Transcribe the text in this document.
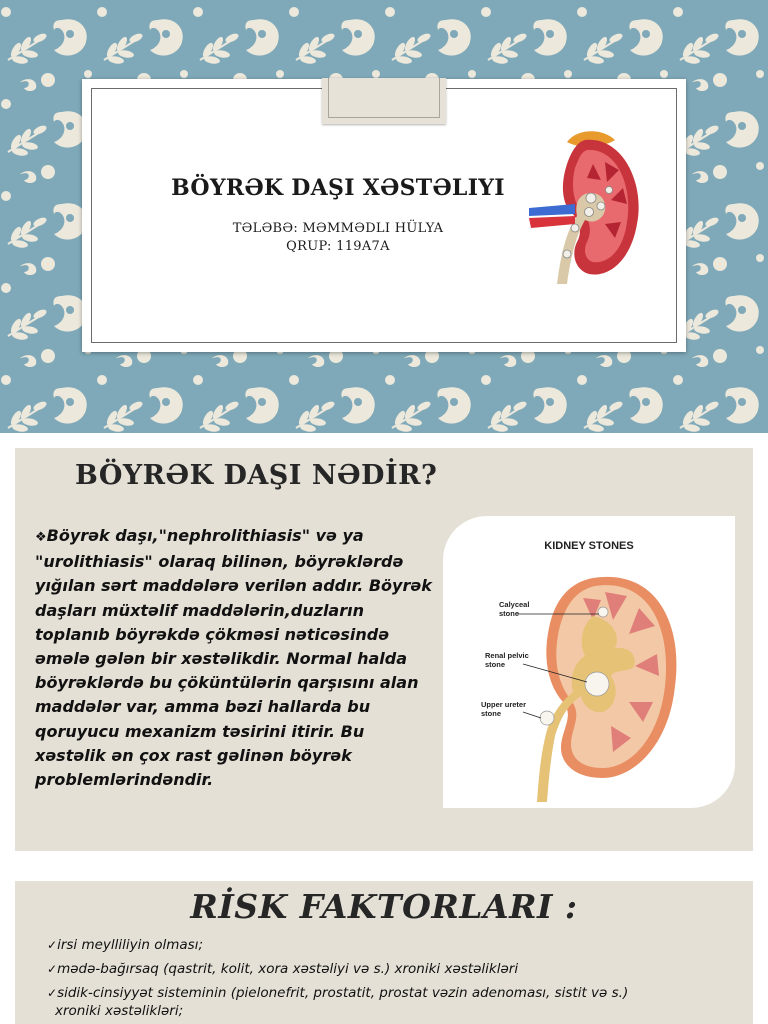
BÖYRƏK DAŞI XƏSTƏLIYI
TƏLƏBƏ: MƏMMƏDLI HÜLYA
QRUP: 119A7A
BÖYRƏK DAŞI NƏDİR?
❖Böyrək daşı,"nephrolithiasis" və ya "urolithiasis" olaraq bilinən, böyrəklərdə yığılan sərt maddələrə verilən addır. Böyrək daşları müxtəlif maddələrin,duzların toplanıb böyrəkdə çökməsi nəticəsində əmələ gələn bir xəstəlikdir. Normal halda böyrəklərdə bu çöküntülərin qarşısını alan maddələr var, amma bəzi hallarda bu qoruyucu mexanizm təsirini itirir. Bu xəstəlik ən çox rast gəlinən böyrək problemlərindəndir.
KIDNEY STONES
Calyceal
stone
Renal pelvic
stone
Upper ureter
stone
RİSK FAKTORLARI :
✓irsi meylliliyin olması;
✓mədə-bağırsaq (qastrit, kolit, xora xəstəliyi və s.) xroniki xəstəlikləri
✓sidik-cinsiyyət sisteminin (pielonefrit, prostatit, prostat vəzin adenoması, sistit və s.)
xroniki xəstəlikləri;
